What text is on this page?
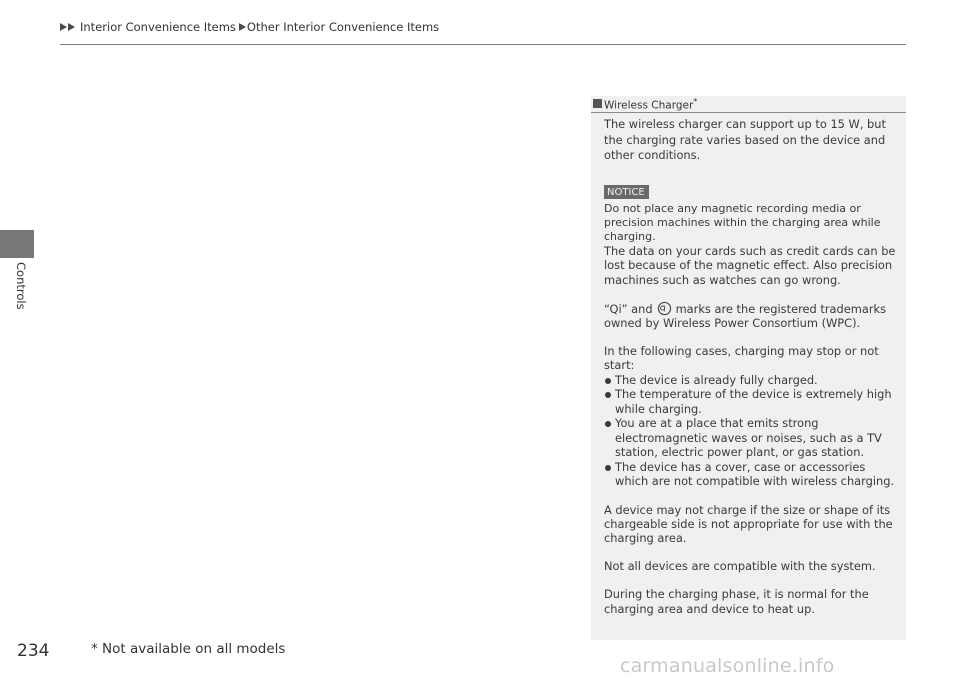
Interior Convenience Items Other Interior Convenience Items
Controls
Wireless Charger*

The wireless charger can support up to 15 W, but the charging rate varies based on the device and other conditions.

NOTICE

Do not place any magnetic recording media or precision machines within the charging area while charging.

The data on your cards such as credit cards can be lost because of the magnetic effect. Also precision machines such as watches can go wrong.

“Qi” and i marks are the registered trademarks owned by Wireless Power Consortium (WPC).

In the following cases, charging may stop or not start:

The device is already fully charged.
The temperature of the device is extremely high while charging.
You are at a place that emits strong electromagnetic waves or noises, such as a TV station, electric power plant, or gas station.
The device has a cover, case or accessories which are not compatible with wireless charging.

A device may not charge if the size or shape of its chargeable side is not appropriate for use with the charging area.

Not all devices are compatible with the system.

During the charging phase, it is normal for the charging area and device to heat up.

234	* Not available on all models
carmanualsonline.info
